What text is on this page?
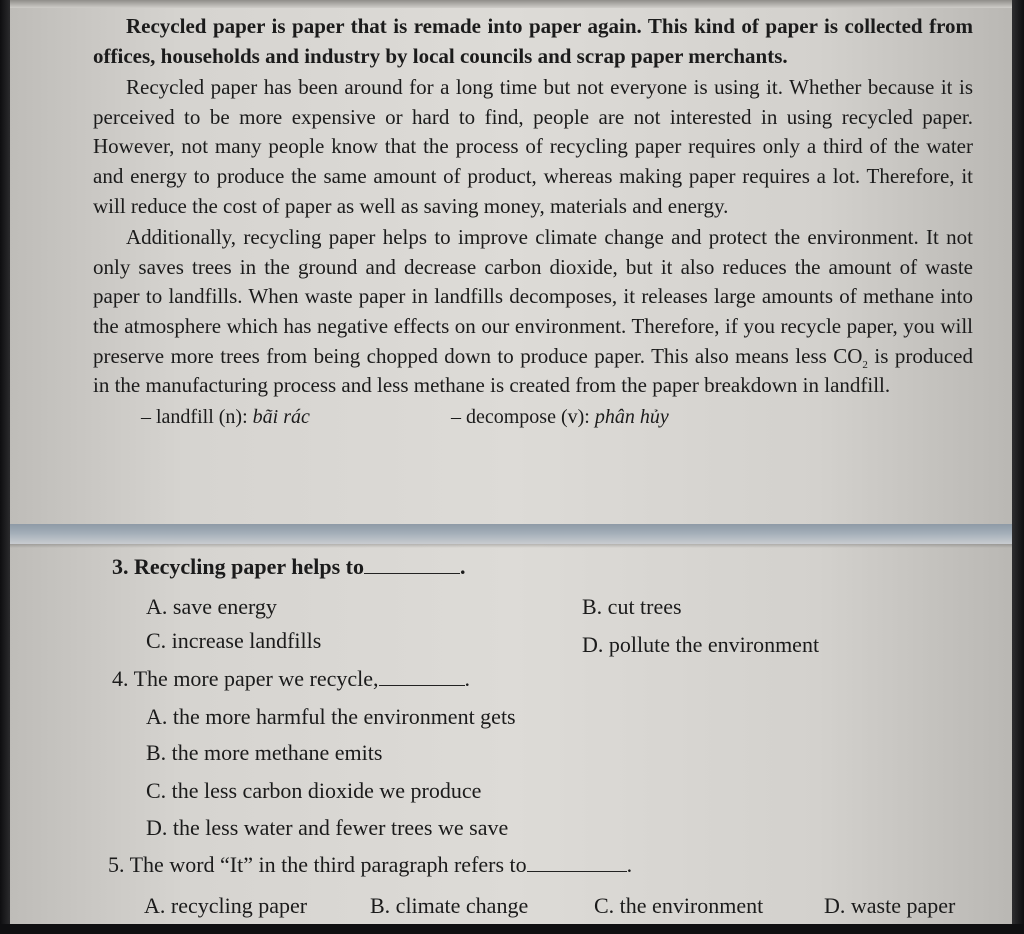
Recycled paper is paper that is remade into paper again. This kind of paper is collected from offices, households and industry by local councils and scrap paper merchants.

Recycled paper has been around for a long time but not everyone is using it. Whether because it is perceived to be more expensive or hard to find, people are not interested in using recycled paper. However, not many people know that the process of recycling paper requires only a third of the water and energy to produce the same amount of product, whereas making paper requires a lot. Therefore, it will reduce the cost of paper as well as saving money, materials and energy.

Additionally, recycling paper helps to improve climate change and protect the environment. It not only saves trees in the ground and decrease carbon dioxide, but it also reduces the amount of waste paper to landfills. When waste paper in landfills decomposes, it releases large amounts of methane into the atmosphere which has negative effects on our environment. Therefore, if you recycle paper, you will preserve more trees from being chopped down to produce paper. This also means less $CO_2$ is produced in the manufacturing process and less methane is created from the paper breakdown in landfill.

– landfill (n): bãi rác	– decompose (v): phân hủy
3. Recycling paper helps to	.
A. save energy	B. cut trees
C. increase landfills	D. pollute the environment
4. The more paper we recycle,	.
A. the more harmful the environment gets
B. the more methane emits
C. the less carbon dioxide we produce
D. the less water and fewer trees we save
5. The word “It” in the third paragraph refers to	.
A. recycling paper	B. climate change	C. the environment	D. waste paper
